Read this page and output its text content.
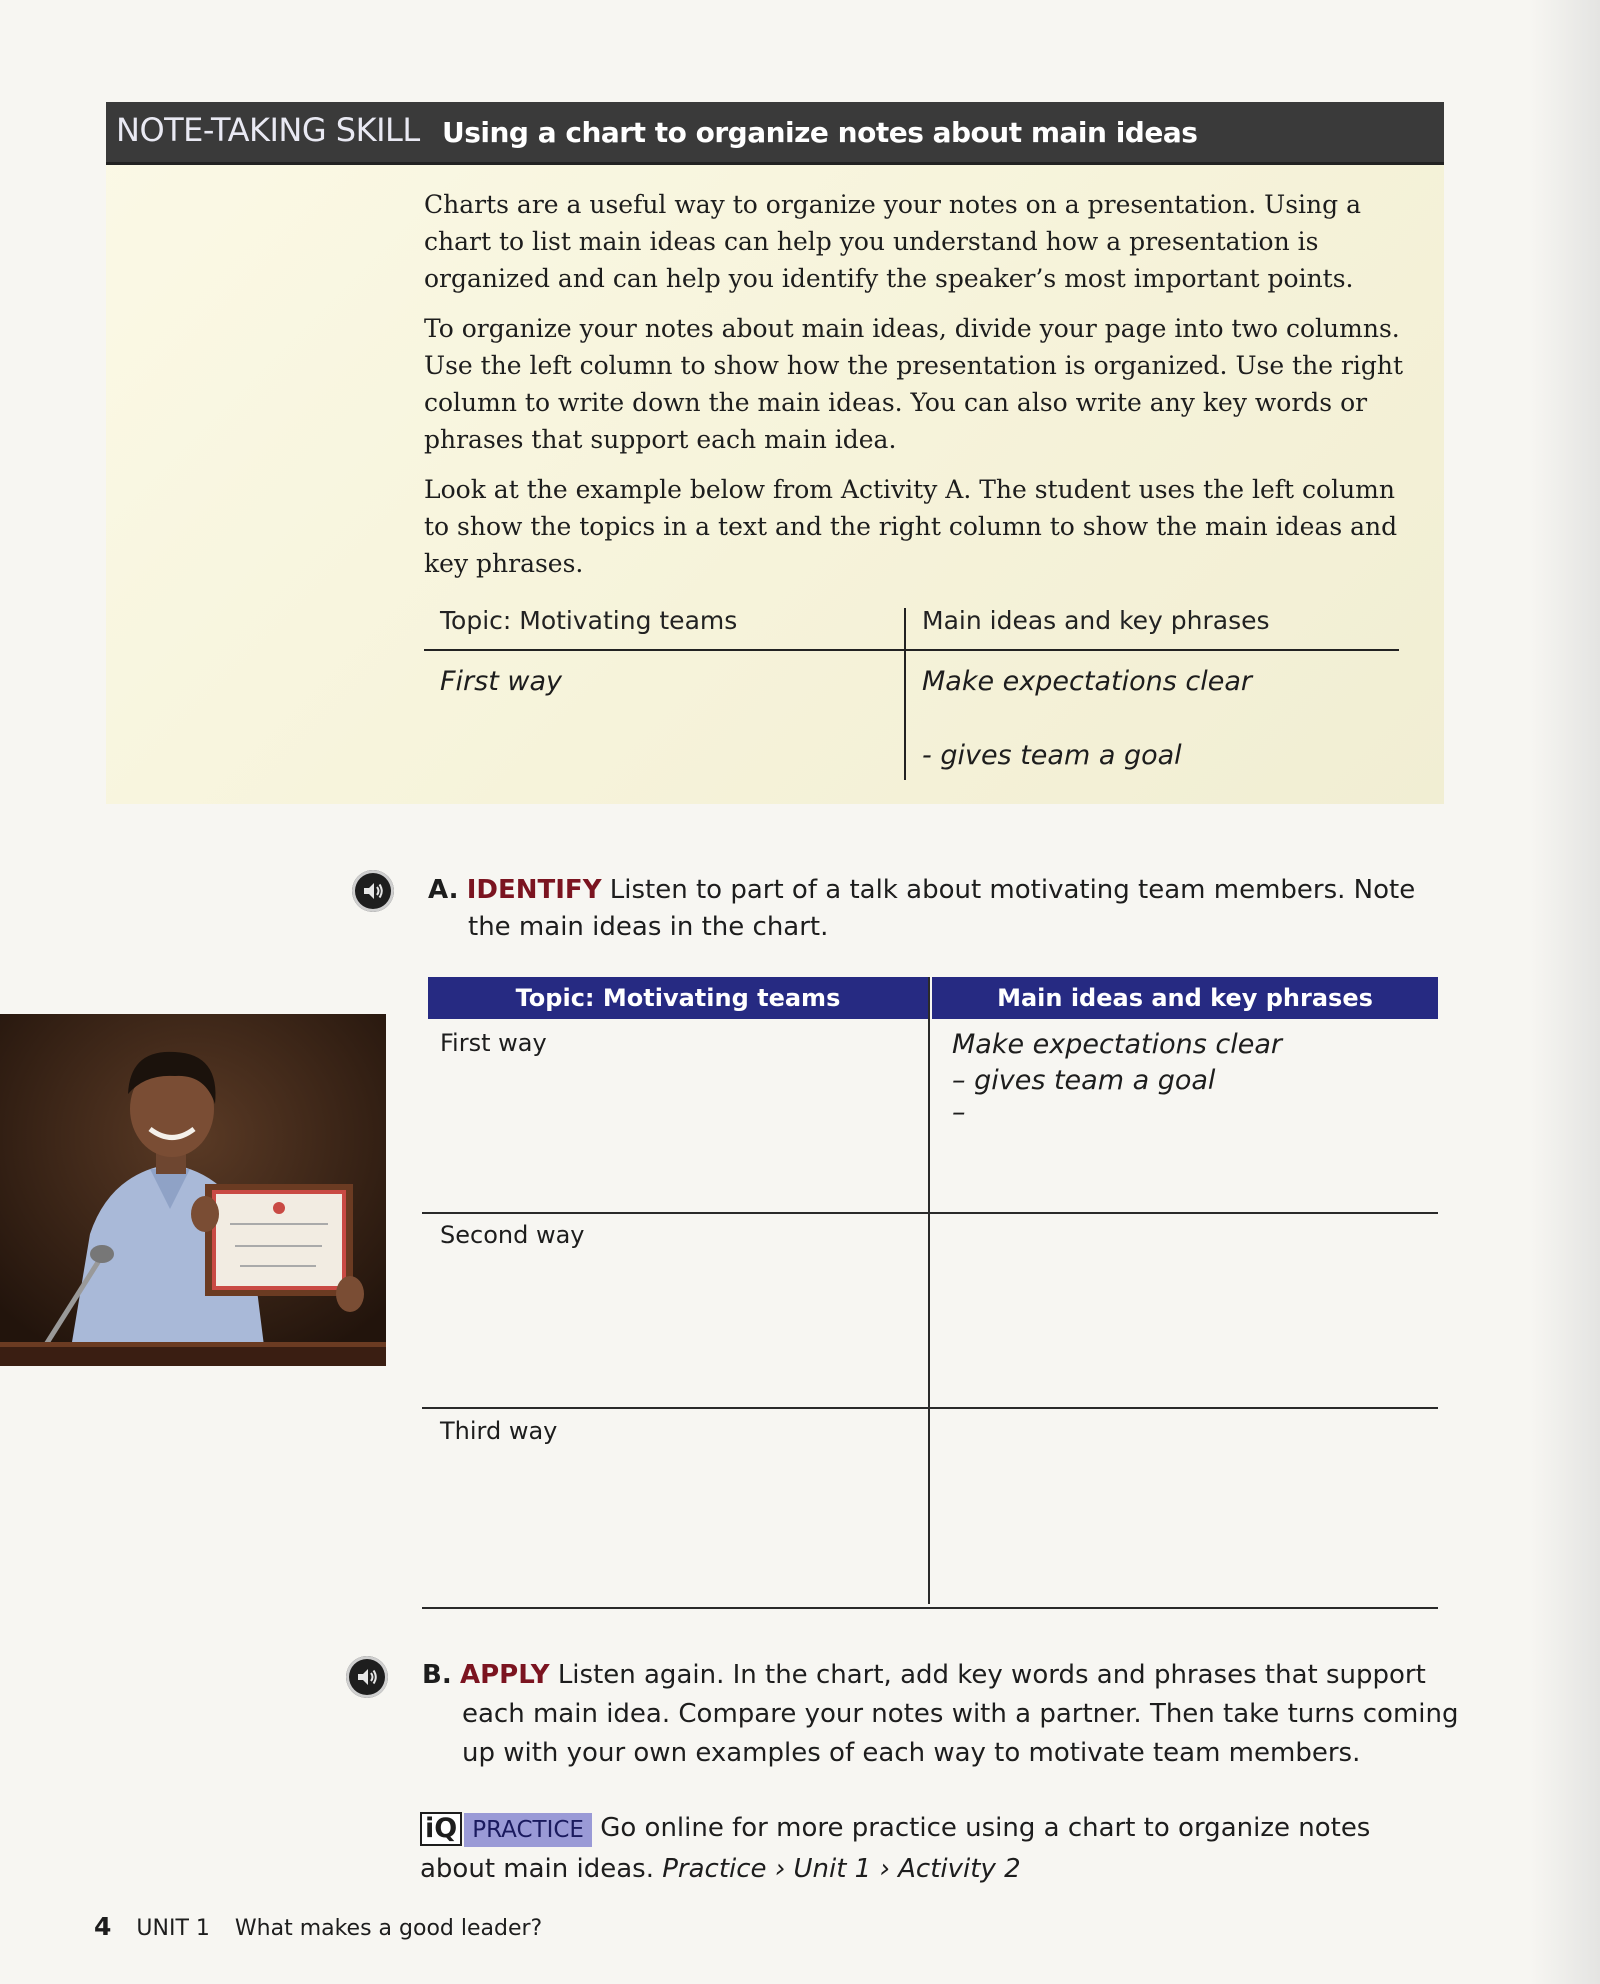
NOTE-TAKING SKILL Using a chart to organize notes about main ideas

Charts are a useful way to organize your notes on a presentation. Using a chart to list main ideas can help you understand how a presentation is organized and can help you identify the speaker’s most important points.

To organize your notes about main ideas, divide your page into two columns. Use the left column to show how the presentation is organized. Use the right column to write down the main ideas. You can also write any key words or phrases that support each main idea.

Look at the example below from Activity A. The student uses the left column to show the topics in a text and the right column to show the main ideas and key phrases.

Topic: Motivating teams	Main ideas and key phrases
First way	Make expectations clear
- gives team a goal
A. IDENTIFY Listen to part of a talk about motivating team members. Note
the main ideas in the chart.
Topic: Motivating teams	Main ideas and key phrases
First way	Make expectations clear
– gives team a goal
–
Second way
Third way
B. APPLY Listen again. In the chart, add key words and phrases that support
each main idea. Compare your notes with a partner. Then take turns coming
up with your own examples of each way to motivate team members.
iQ PRACTICE Go online for more practice using a chart to organize notes
about main ideas. Practice › Unit 1 › Activity 2
4 UNIT 1 What makes a good leader?
